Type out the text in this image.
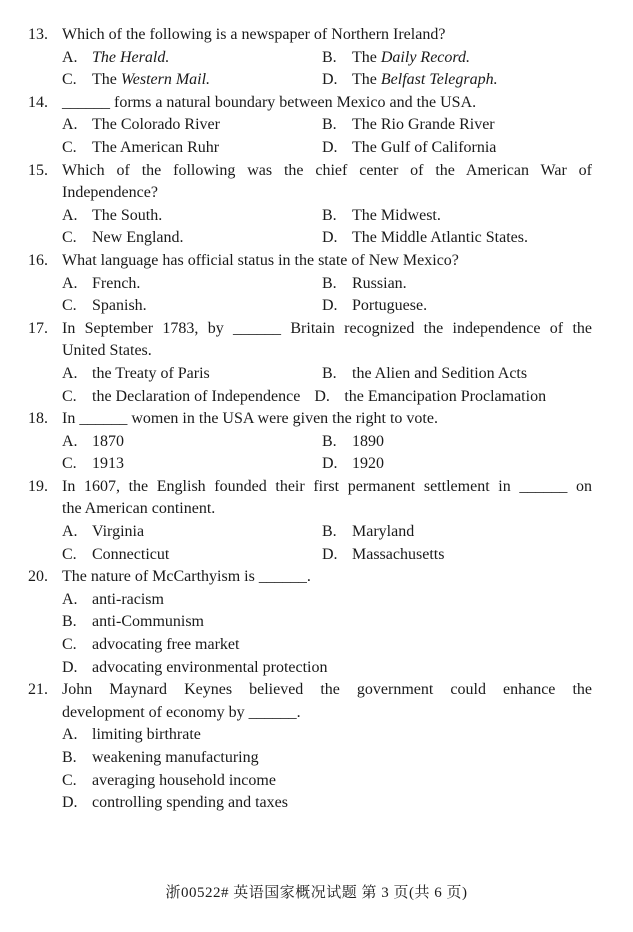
13. Which of the following is a newspaper of Northern Ireland?
A. The Herald.	B. The Daily Record.
C. The Western Mail.	D. The Belfast Telegraph.
14. ______ forms a natural boundary between Mexico and the USA.
A. The Colorado River	B. The Rio Grande River
C. The American Ruhr	D. The Gulf of California
15. Which of the following was the chief center of the American War of
Independence?
A. The South.	B. The Midwest.
C. New England.	D. The Middle Atlantic States.
16. What language has official status in the state of New Mexico?
A. French.	B. Russian.
C. Spanish.	D. Portuguese.
17. In September 1783, by ______ Britain recognized the independence of the
United States.
A. the Treaty of Paris	B. the Alien and Sedition Acts
C. the Declaration of Independence D. the Emancipation Proclamation
18. In ______ women in the USA were given the right to vote.
A. 1870	B. 1890
C. 1913	D. 1920
19. In 1607, the English founded their first permanent settlement in ______ on
the American continent.
A. Virginia	B. Maryland
C. Connecticut	D. Massachusetts
20. The nature of McCarthyism is ______.
A. anti-racism
B. anti-Communism
C. advocating free market
D. advocating environmental protection
21. John Maynard Keynes believed the government could enhance the
development of economy by ______.
A. limiting birthrate
B. weakening manufacturing
C. averaging household income
D. controlling spending and taxes
浙00522# 英语国家概况试题 第 3 页(共 6 页)
